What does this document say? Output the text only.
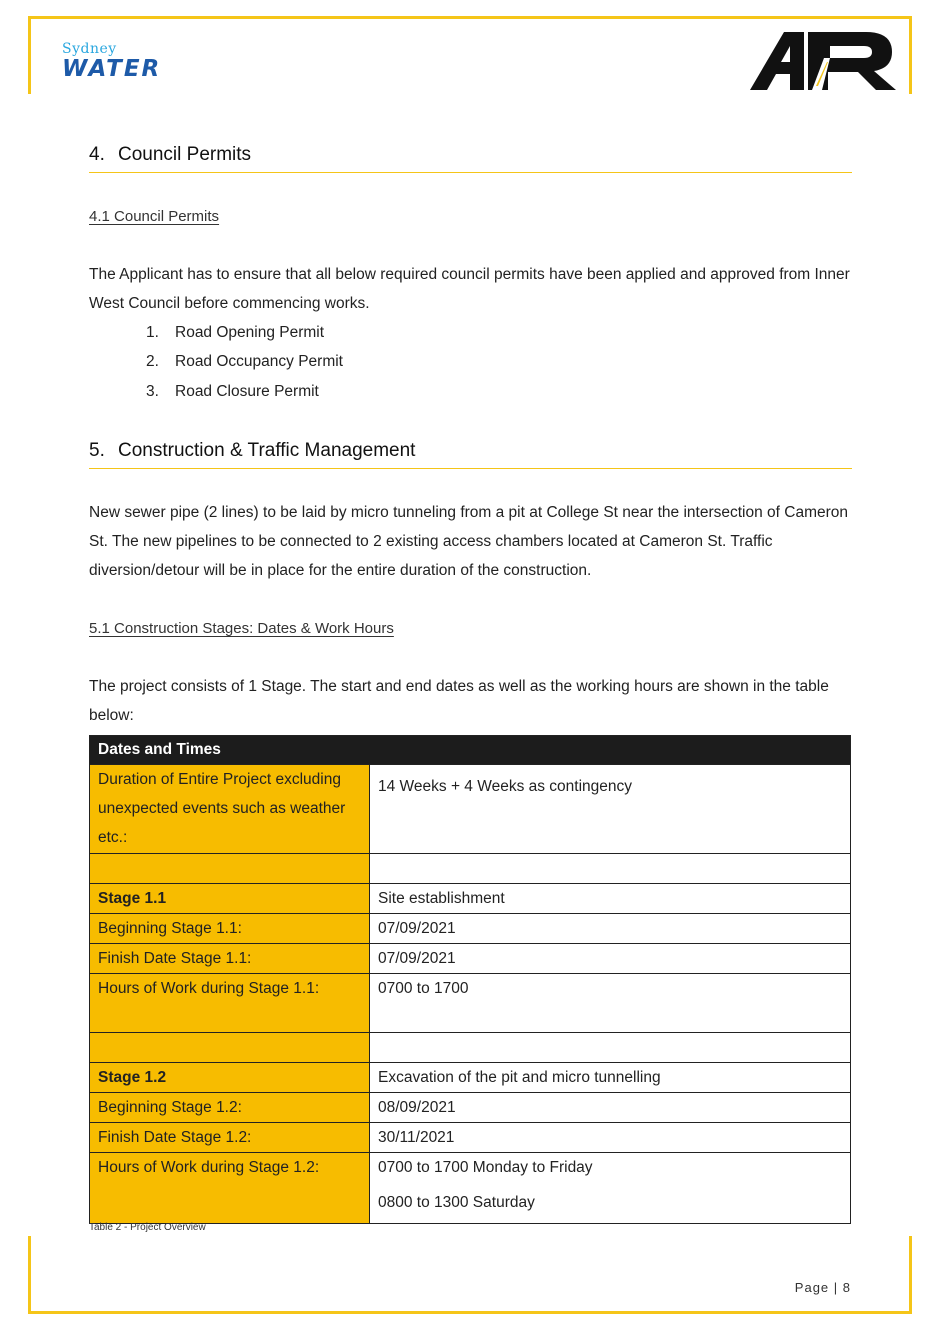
Sydney
WATER
4. Council Permits
4.1 Council Permits
The Applicant has to ensure that all below required council permits have been applied and approved from Inner West Council before commencing works.
1. Road Opening Permit
2. Road Occupancy Permit
3. Road Closure Permit
5. Construction & Traffic Management
New sewer pipe (2 lines) to be laid by micro tunneling from a pit at College St near the intersection of Cameron St. The new pipelines to be connected to 2 existing access chambers located at Cameron St. Traffic diversion/detour will be in place for the entire duration of the construction.
5.1 Construction Stages: Dates & Work Hours
The project consists of 1 Stage. The start and end dates as well as the working hours are shown in the table below:
Dates and Times	
Duration of Entire Project excluding unexpected events such as weather etc.:	14 Weeks + 4 Weeks as contingency

Stage 1.1	Site establishment
Beginning Stage 1.1:	07/09/2021
Finish Date Stage 1.1:	07/09/2021
Hours of Work during Stage 1.1:	0700 to 1700

Stage 1.2	Excavation of the pit and micro tunnelling
Beginning Stage 1.2:	08/09/2021
Finish Date Stage 1.2:	30/11/2021
Hours of Work during Stage 1.2:	0700 to 1700 Monday to Friday
0800 to 1300 Saturday
Table 2 - Project Overview
Page | 8
